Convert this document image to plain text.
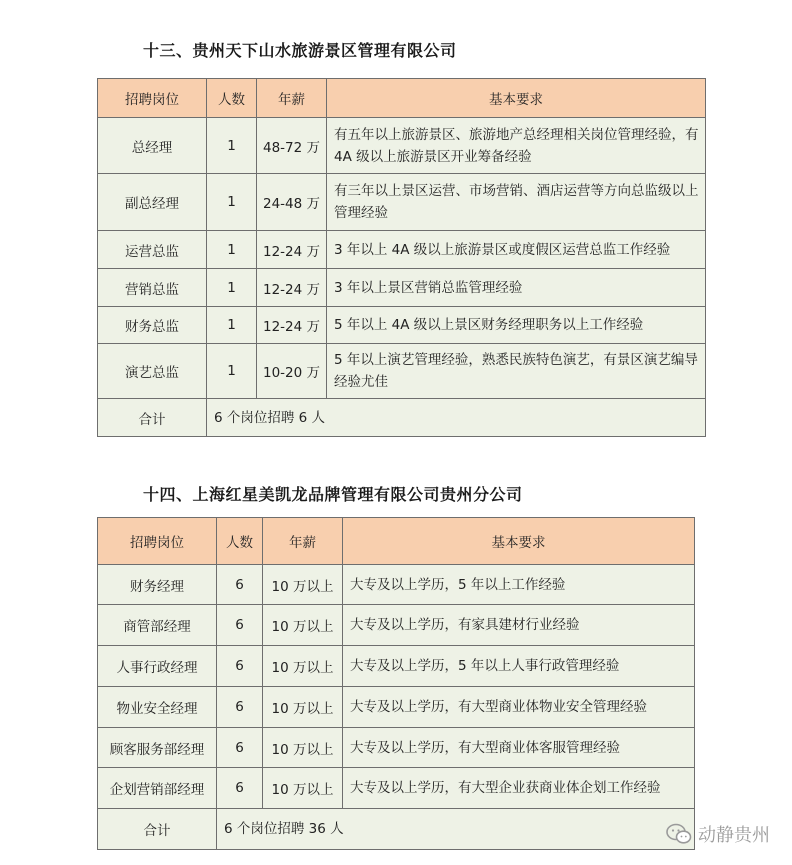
十三、贵州天下山水旅游景区管理有限公司
招聘岗位	人数	年薪	基本要求
总经理	1	48-72 万	有五年以上旅游景区、旅游地产总经理相关岗位管理经验，有 4A 级以上旅游景区开业筹备经验
副总经理	1	24-48 万	有三年以上景区运营、市场营销、酒店运营等方向总监级以上管理经验
运营总监	1	12-24 万	3 年以上 4A 级以上旅游景区或度假区运营总监工作经验
营销总监	1	12-24 万	3 年以上景区营销总监管理经验
财务总监	1	12-24 万	5 年以上 4A 级以上景区财务经理职务以上工作经验
演艺总监	1	10-20 万	5 年以上演艺管理经验，熟悉民族特色演艺，有景区演艺编导经验尤佳
合计	6 个岗位招聘 6 人		
十四、上海红星美凯龙品牌管理有限公司贵州分公司
招聘岗位	人数	年薪	基本要求
财务经理	6	10 万以上	大专及以上学历，5 年以上工作经验
商管部经理	6	10 万以上	大专及以上学历，有家具建材行业经验
人事行政经理	6	10 万以上	大专及以上学历，5 年以上人事行政管理经验
物业安全经理	6	10 万以上	大专及以上学历，有大型商业体物业安全管理经验
顾客服务部经理	6	10 万以上	大专及以上学历，有大型商业体客服管理经验
企划营销部经理	6	10 万以上	大专及以上学历，有大型企业获商业体企划工作经验
合计	6 个岗位招聘 36 人			动静贵州
